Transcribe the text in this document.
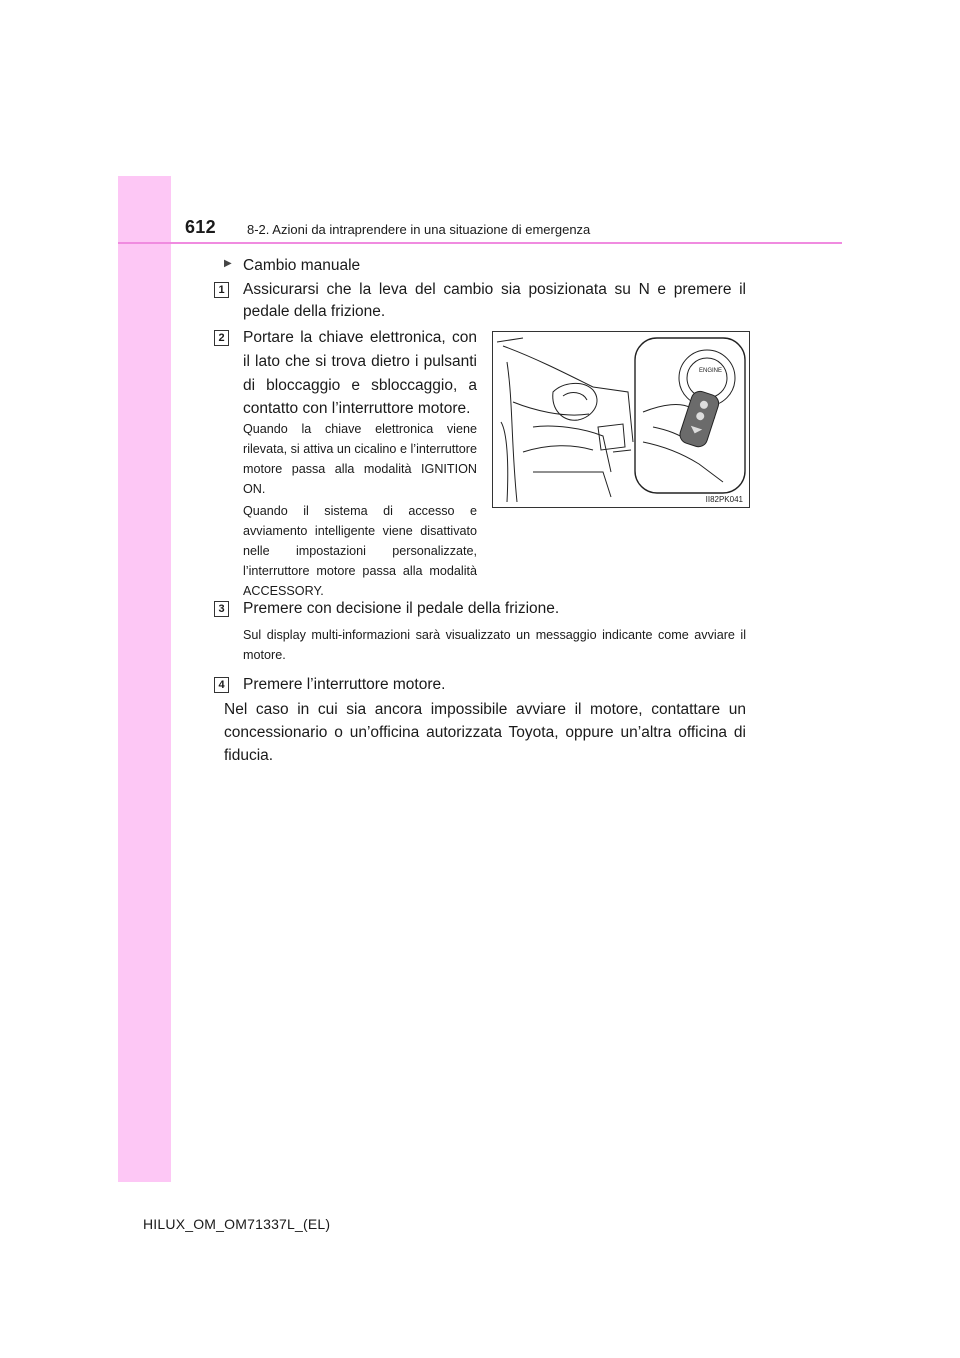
612 8-2. Azioni da intraprendere in una situazione di emergenza
▶ Cambio manuale
1 Assicurarsi che la leva del cambio sia posizionata su N e premere il pedale della frizione.
2 Portare la chiave elettronica, con il lato che si trova dietro i pulsanti di bloccaggio e sbloccaggio, a contatto con l’interruttore motore.
Quando la chiave elettronica viene rilevata, si attiva un cicalino e l’interruttore motore passa alla modalità IGNITION ON.
Quando il sistema di accesso e avviamento intelligente viene disattivato nelle impostazioni personalizzate, l’interruttore motore passa alla modalità ACCESSORY.
ENGINE
II82PK041
3 Premere con decisione il pedale della frizione.
Sul display multi-informazioni sarà visualizzato un messaggio indicante come avviare il motore.
4 Premere l’interruttore motore.
Nel caso in cui sia ancora impossibile avviare il motore, contattare un concessionario o un’officina autorizzata Toyota, oppure un’altra officina di fiducia.
HILUX_OM_OM71337L_(EL)
